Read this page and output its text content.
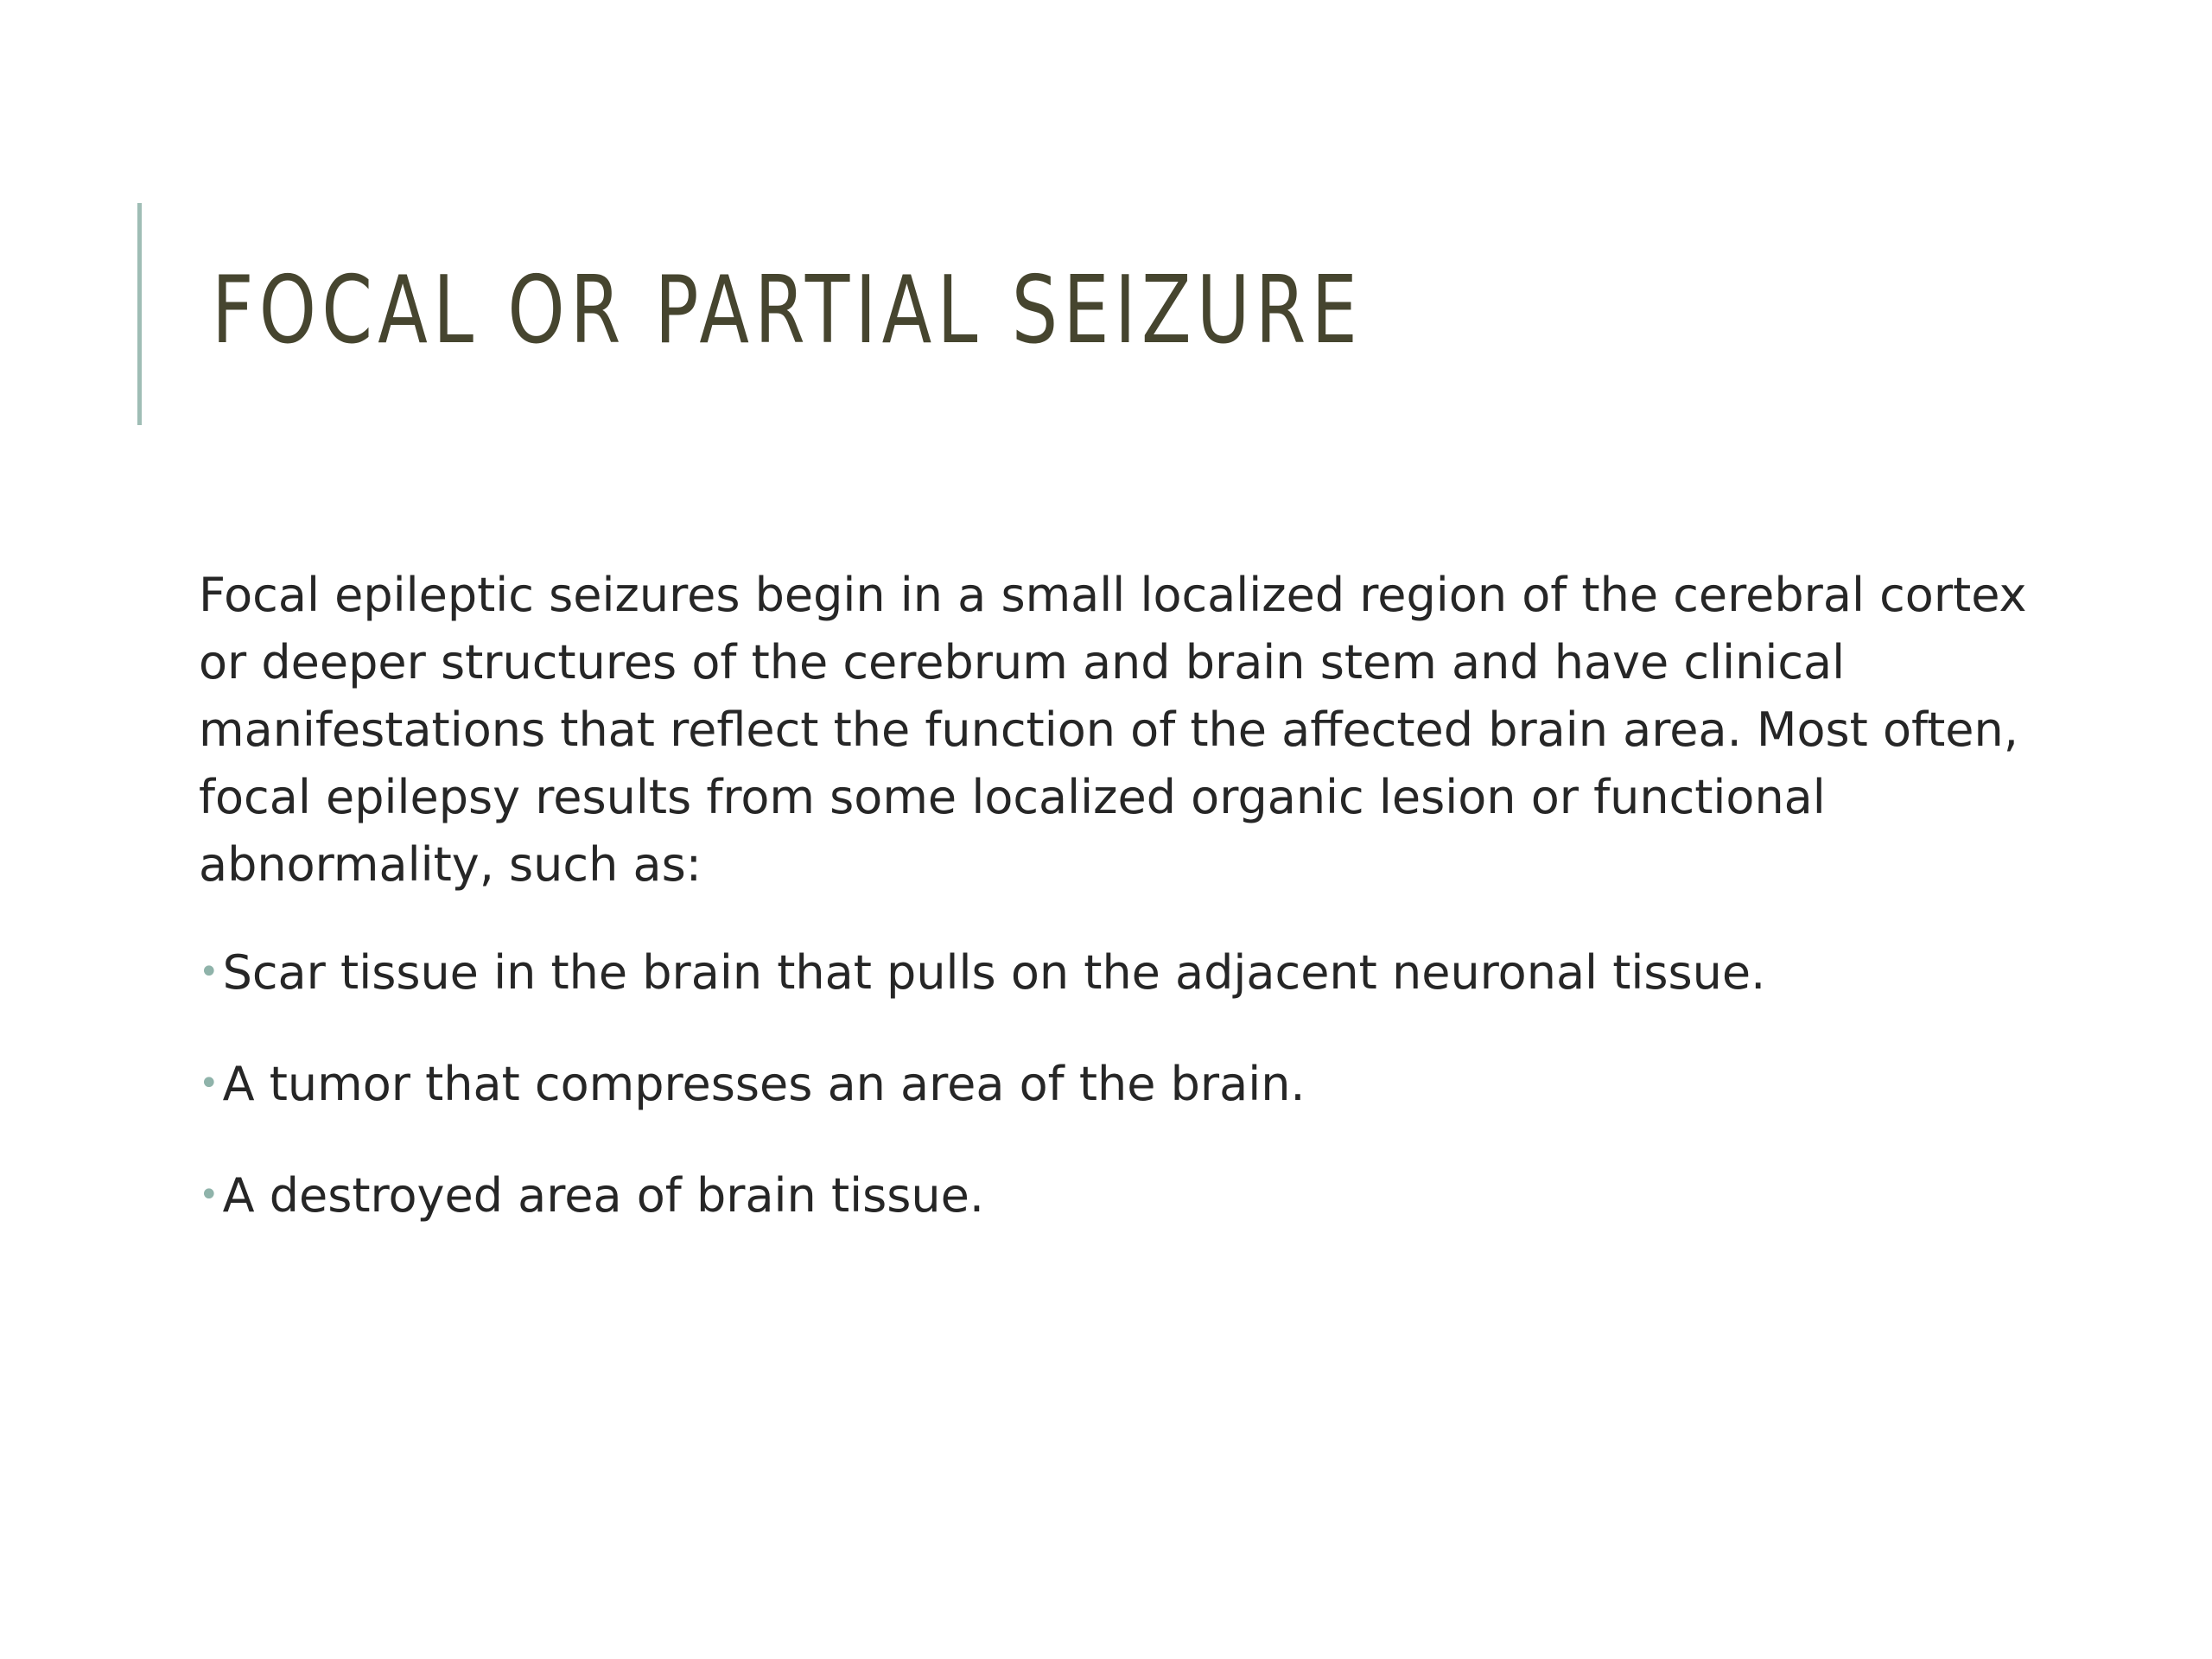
FOCAL OR PARTIAL SEIZURE

Focal epileptic seizures begin in a small localized region of the cerebral cortex or deeper structures of the cerebrum and brain stem and have clinical manifestations that reflect the function of the affected brain area. Most often, focal epilepsy results from some localized organic lesion or functional abnormality, such as:

•Scar tissue in the brain that pulls on the adjacent neuronal tissue.
•A tumor that compresses an area of the brain.
•A destroyed area of brain tissue.
